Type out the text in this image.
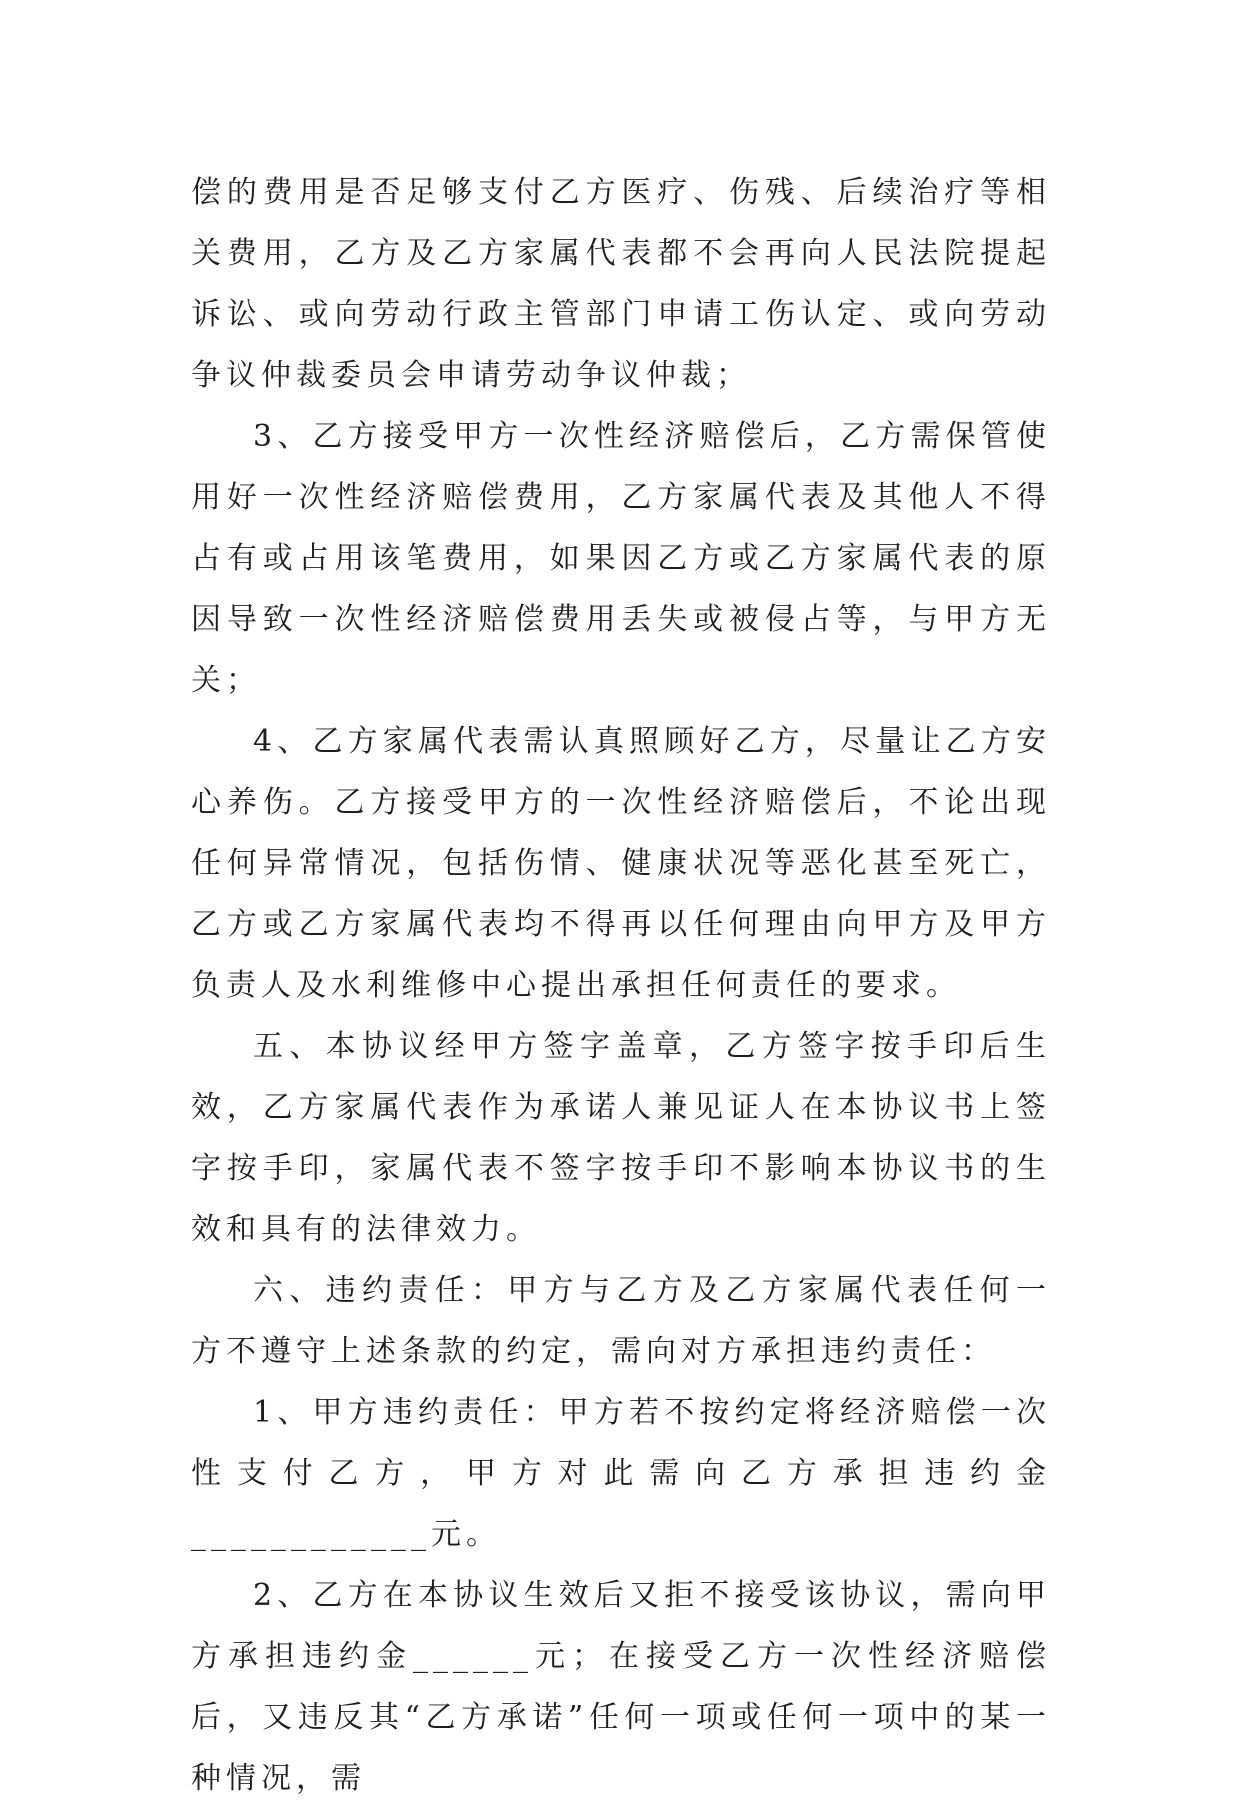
偿的费用是否足够支付乙方医疗、伤残、后续治疗等相关费用，乙方及乙方家属代表都不会再向人民法院提起诉讼、或向劳动行政主管部门申请工伤认定、或向劳动争议仲裁委员会申请劳动争议仲裁；

3、乙方接受甲方一次性经济赔偿后，乙方需保管使用好一次性经济赔偿费用，乙方家属代表及其他人不得占有或占用该笔费用，如果因乙方或乙方家属代表的原因导致一次性经济赔偿费用丢失或被侵占等，与甲方无关；

4、乙方家属代表需认真照顾好乙方，尽量让乙方安心养伤。乙方接受甲方的一次性经济赔偿后，不论出现任何异常情况，包括伤情、健康状况等恶化甚至死亡，乙方或乙方家属代表均不得再以任何理由向甲方及甲方负责人及水利维修中心提出承担任何责任的要求。

五、本协议经甲方签字盖章，乙方签字按手印后生效，乙方家属代表作为承诺人兼见证人在本协议书上签字按手印，家属代表不签字按手印不影响本协议书的生效和具有的法律效力。

六、违约责任：甲方与乙方及乙方家属代表任何一方不遵守上述条款的约定，需向对方承担违约责任：

1、甲方违约责任：甲方若不按约定将经济赔偿一次性支付乙方，甲方对此需向乙方承担违约金____________元。

2、乙方在本协议生效后又拒不接受该协议，需向甲方承担违约金______元；在接受乙方一次性经济赔偿后，又违反其“乙方承诺”任何一项或任何一项中的某一种情况，需
